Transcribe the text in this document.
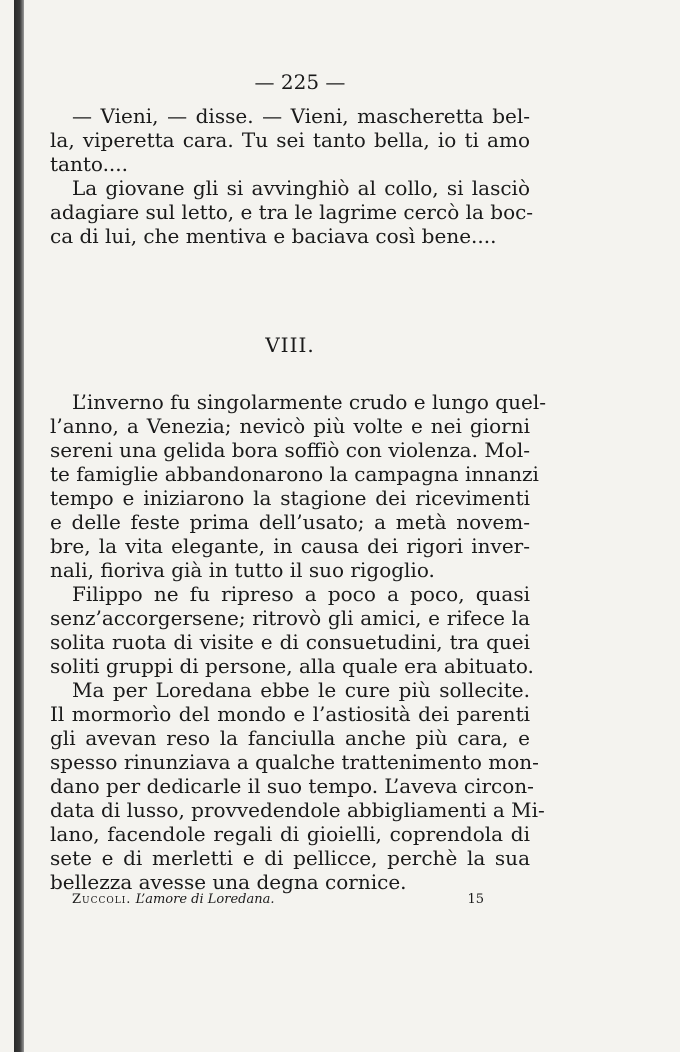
— 225 —
— Vieni, — disse. — Vieni, mascheretta bel-
la, viperetta cara. Tu sei tanto bella, io ti amo
tanto....
La giovane gli si avvinghiò al collo, si lasciò
adagiare sul letto, e tra le lagrime cercò la boc-
ca di lui, che mentiva e baciava così bene....
VIII.
L’inverno fu singolarmente crudo e lungo quel-
l’anno, a Venezia; nevicò più volte e nei giorni
sereni una gelida bora soffiò con violenza. Mol-
te famiglie abbandonarono la campagna innanzi
tempo e iniziarono la stagione dei ricevimenti
e delle feste prima dell’usato; a metà novem-
bre, la vita elegante, in causa dei rigori inver-
nali, fioriva già in tutto il suo rigoglio.
Filippo ne fu ripreso a poco a poco, quasi
senz’accorgersene; ritrovò gli amici, e rifece la
solita ruota di visite e di consuetudini, tra quei
soliti gruppi di persone, alla quale era abituato.
Ma per Loredana ebbe le cure più sollecite.
Il mormorìo del mondo e l’astiosità dei parenti
gli avevan reso la fanciulla anche più cara, e
spesso rinunziava a qualche trattenimento mon-
dano per dedicarle il suo tempo. L’aveva circon-
data di lusso, provvedendole abbigliamenti a Mi-
lano, facendole regali di gioielli, coprendola di
sete e di merletti e di pellicce, perchè la sua
bellezza avesse una degna cornice.
Zuccoli. L’amore di Loredana.	15
